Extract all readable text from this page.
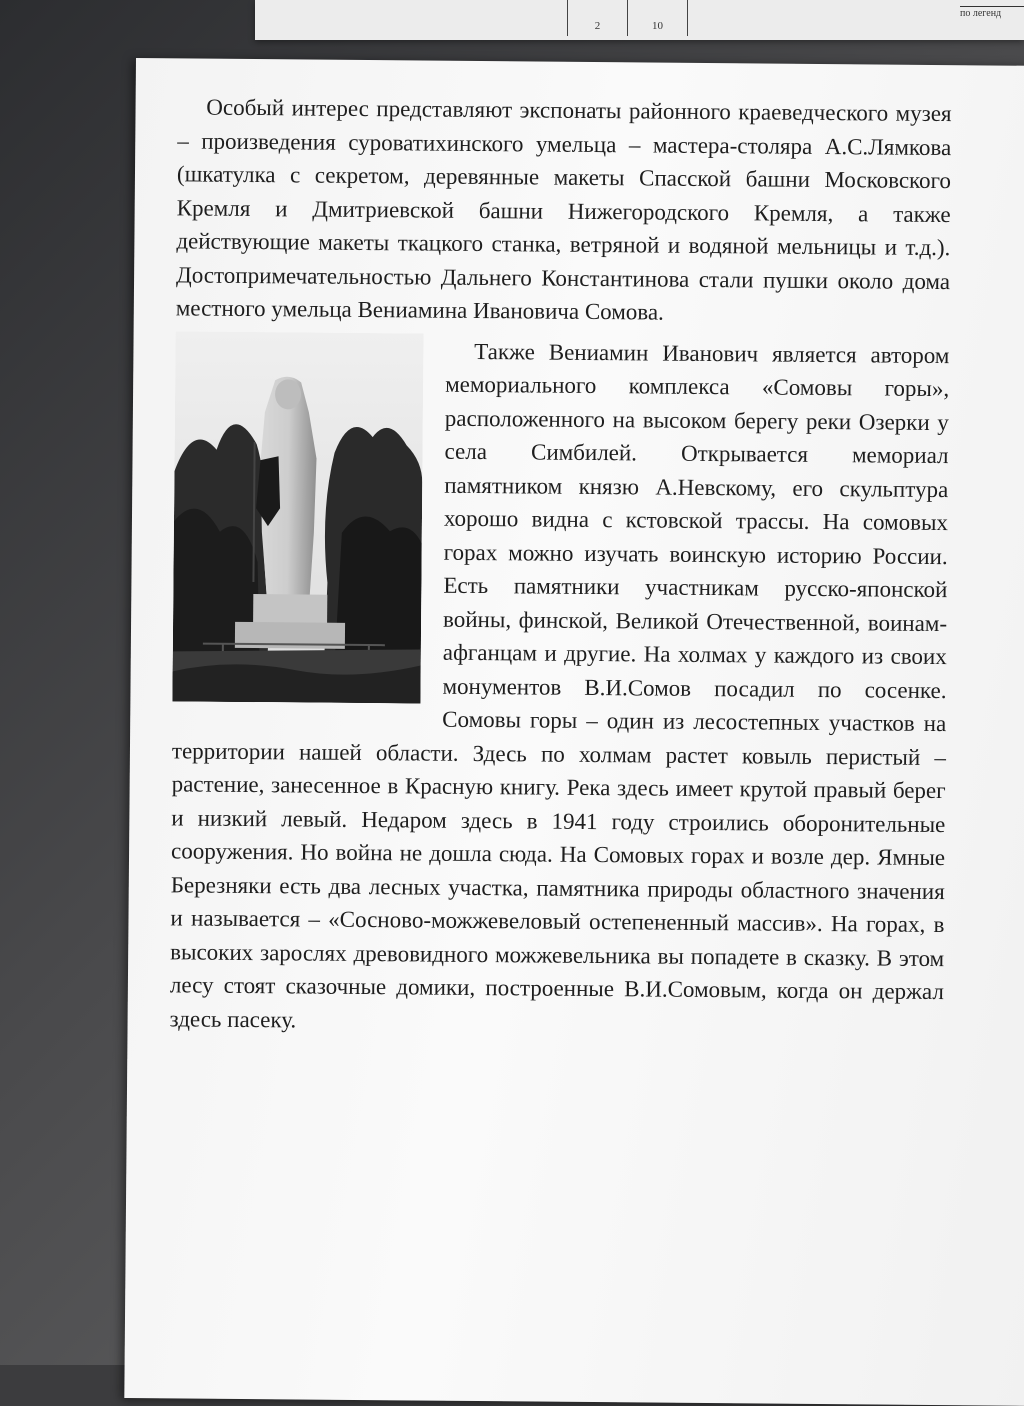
2	10
по легенд

Особый интерес представляют экспонаты районного краеведческого музея – произведения суроватихинского умельца – мастера-столяра А.С.Лямкова (шкатулка с секретом, деревянные макеты Спасской башни Московского Кремля и Дмитриевской башни Нижегородского Кремля, а также действующие макеты ткацкого станка, ветряной и водяной мельницы и т.д.). Достопримечательностью Дальнего Константинова стали пушки около дома местного умельца Вениамина Ивановича Сомова.

Также Вениамин Иванович является автором мемориального комплекса «Сомовы горы», расположенного на высоком берегу реки Озерки у села Симбилей. Открывается мемориал памятником князю А.Невскому, его скульптура хорошо видна с кстовской трассы. На сомовых горах можно изучать воинскую историю России. Есть памятники участникам русско-японской войны, финской, Великой Отечественной, воинам-афганцам и другие. На холмах у каждого из своих монументов В.И.Сомов посадил по сосенке. Сомовы горы – один из лесостепных участков на территории нашей области. Здесь по холмам растет ковыль перистый – растение, занесенное в Красную книгу. Река здесь имеет крутой правый берег и низкий левый. Недаром здесь в 1941 году строились оборонительные сооружения. Но война не дошла сюда. На Сомовых горах и возле дер. Ямные Березняки есть два лесных участка, памятника природы областного значения и называется – «Сосново-можжевеловый остепененный массив». На горах, в высоких зарослях древовидного можжевельника вы попадете в сказку. В этом лесу стоят сказочные домики, построенные В.И.Сомовым, когда он держал здесь пасеку.
